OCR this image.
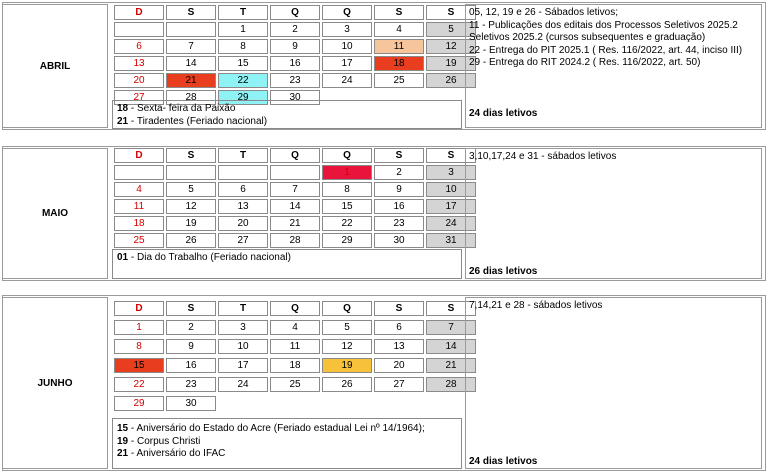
ABRIL
D	S	T	Q	Q	S	S
		1	2	3	4	5
6	7	8	9	10	11	12
13	14	15	16	17	18	19
20	21	22	23	24	25	26
27	28	29	30			
18 - Sexta- feira da Paixão
21 - Tiradentes (Feriado nacional)
05, 12, 19 e 26 - Sábados letivos;
11 - Publicações dos editais dos Processos Seletivos 2025.2
Seletivos 2025.2 (cursos subsequentes e graduação)
22 - Entrega do PIT 2025.1 ( Res. 116/2022, art. 44, inciso III)
29 - Entrega do RIT 2024.2 ( Res. 116/2022, art. 50)
24 dias letivos
MAIO
D	S	T	Q	Q	S	S
				1	2	3
4	5	6	7	8	9	10
11	12	13	14	15	16	17
18	19	20	21	22	23	24
25	26	27	28	29	30	31
01 - Dia do Trabalho (Feriado nacional)
3,10,17,24 e 31 - sábados letivos
26 dias letivos
JUNHO
D	S	T	Q	Q	S	S
1	2	3	4	5	6	7
8	9	10	11	12	13	14
15	16	17	18	19	20	21
22	23	24	25	26	27	28
29	30					
15 - Aniversário do Estado do Acre (Feriado estadual Lei nº 14/1964);
19 - Corpus Christi
21 - Aniversário do IFAC
7,14,21 e 28 - sábados letivos
24 dias letivos
